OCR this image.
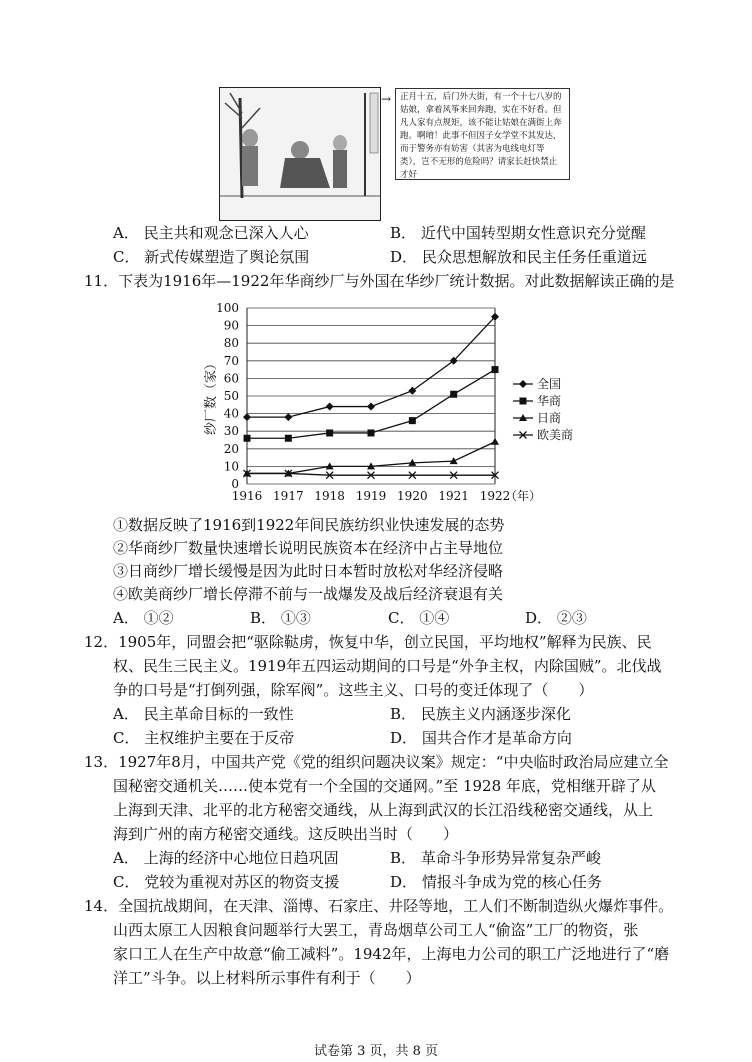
→	正月十五，后门外大街，有一个十七八岁的姑娘，拿着风筝来回奔跑，实在不好看。但凡人家有点规矩，该不能让姑娘在满街上奔跑。啊唷！此事不但因子女学堂不其发达，而于警务亦有妨害（其害为电线电灯等类），岂不无形的危险吗？请家长赶快禁止才好
A． 民主共和观念已深入人心	B． 近代中国转型期女性意识充分觉醒
C． 新式传媒塑造了舆论氛围	D． 民众思想解放和民主任务任重道远
11．下表为1916年—1922年华商纱厂与外国在华纱厂统计数据。对此数据解读正确的是
0
10
20
30
40
50
60
70
80
90
100
1916 1917 1918 1919 1920 1921 1922
（年）
纱厂数（家）	全国
华商
日商
欧美商
①数据反映了1916到1922年间民族纺织业快速发展的态势
②华商纱厂数量快速增长说明民族资本在经济中占主导地位
③日商纱厂增长缓慢是因为此时日本暂时放松对华经济侵略
④欧美商纱厂增长停滞不前与一战爆发及战后经济衰退有关
A． ①②	B． ①③	C． ①④	D． ②③
12．1905年，同盟会把“驱除鞑虏，恢复中华，创立民国，平均地权”解释为民族、民
权、民生三民主义。1919年五四运动期间的口号是“外争主权，内除国贼”。北伐战
争的口号是“打倒列强，除军阀”。这些主义、口号的变迁体现了（　　）
A． 民主革命目标的一致性	B． 民族主义内涵逐步深化
C． 主权维护主要在于反帝	D． 国共合作才是革命方向
13．1927年8月，中国共产党《党的组织问题决议案》规定：“中央临时政治局应建立全
国秘密交通机关……使本党有一个全国的交通网。”至 1928 年底，党相继开辟了从
上海到天津、北平的北方秘密交通线，从上海到武汉的长江沿线秘密交通线，从上
海到广州的南方秘密交通线。这反映出当时（　　）
A． 上海的经济中心地位日趋巩固	B． 革命斗争形势异常复杂严峻
C． 党较为重视对苏区的物资支援	D． 情报斗争成为党的核心任务
14．全国抗战期间，在天津、淄博、石家庄、井陉等地，工人们不断制造纵火爆炸事件。
山西太原工人因粮食问题举行大罢工，青岛烟草公司工人“偷盗”工厂的物资，张
家口工人在生产中故意“偷工减料”。1942年，上海电力公司的职工广泛地进行了“磨
洋工”斗争。以上材料所示事件有利于（　　）
试卷第 3 页，共 8 页
